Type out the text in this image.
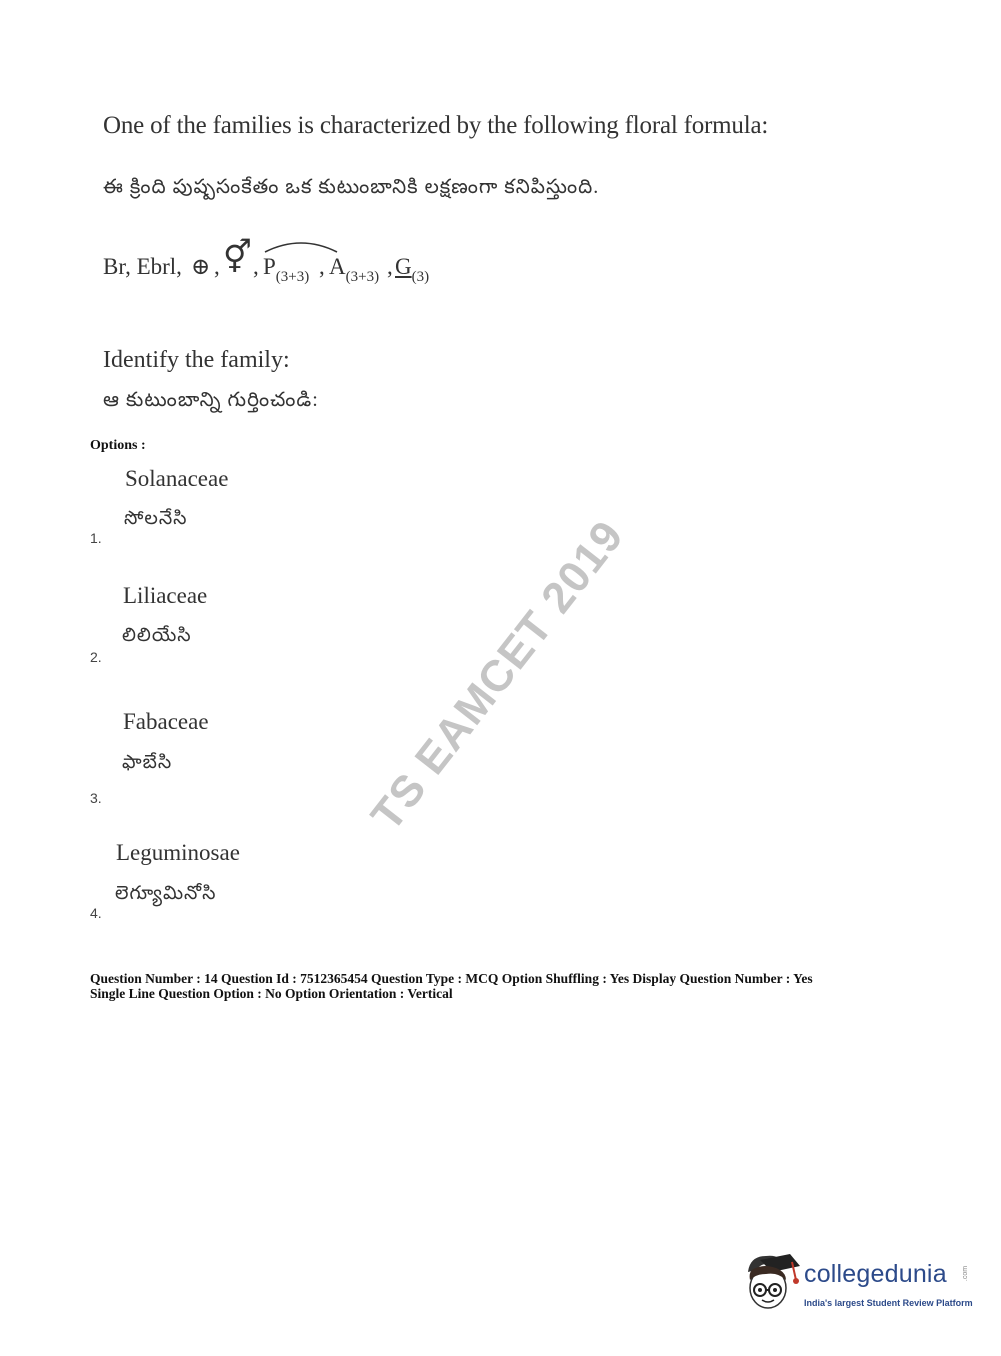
One of the families is characterized by the following floral formula:
ఈ క్రింది పుష్పసంకేతం ఒక కుటుంబానికి లక్షణంగా కనిపిస్తుంది.
Br, Ebrl, ⊕ , ⚥ , $P_{(3+3)}$ , $A_{(3+3)}$ , $G_{(3)}$
Identify the family:
ఆ కుటుంబాన్ని గుర్తించండి:
Options :
Solanaceae
సోలనేసి
1.
Liliaceae
లిలియేసి
2.
Fabaceae
ఫాబేసి
3.
Leguminosae
లెగ్యూమినోసి
4.
Question Number : 14 Question Id : 7512365454 Question Type : MCQ Option Shuffling : Yes Display Question Number : Yes
Single Line Question Option : No Option Orientation : Vertical
TS EAMCET 2019
collegedunia .com
India's largest Student Review Platform
